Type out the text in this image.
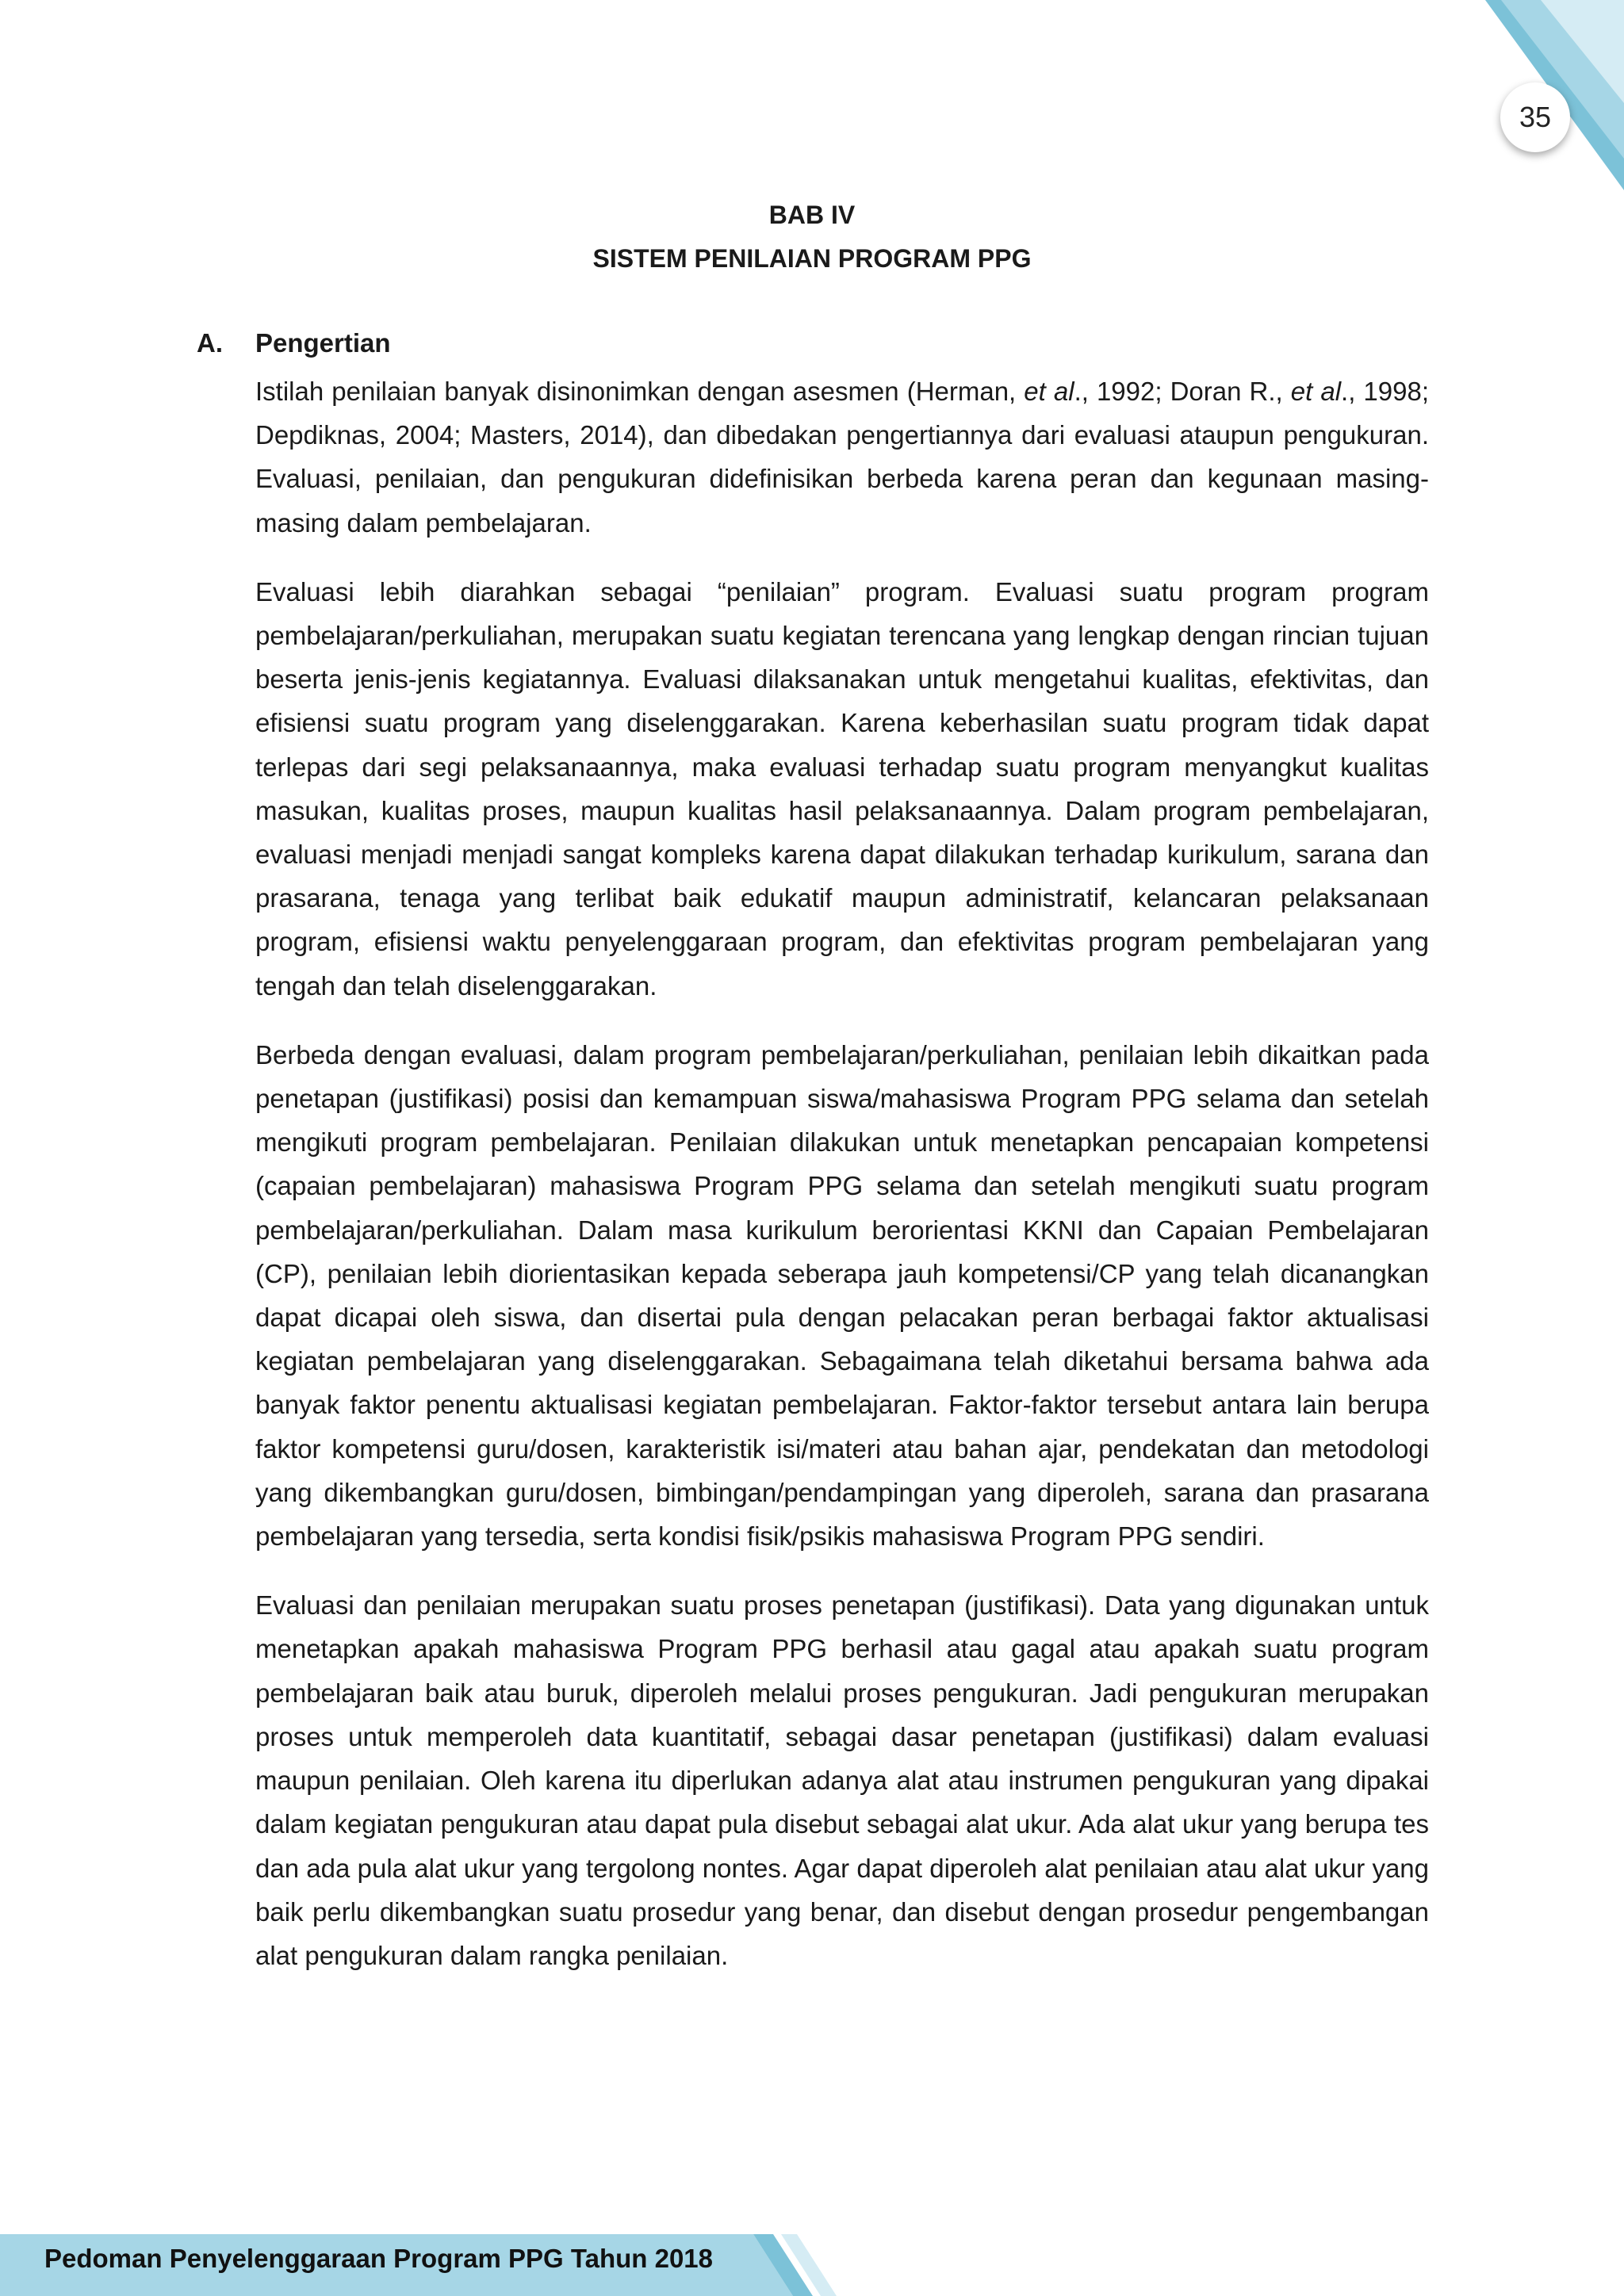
35
BAB IV
SISTEM PENILAIAN PROGRAM PPG
A. Pengertian

Istilah penilaian banyak disinonimkan dengan asesmen (Herman, et al., 1992; Doran R., et al., 1998; Depdiknas, 2004; Masters, 2014), dan dibedakan pengertiannya dari evaluasi ataupun pengukuran. Evaluasi, penilaian, dan pengukuran didefinisikan berbeda karena peran dan kegunaan masing-masing dalam pembelajaran.

Evaluasi lebih diarahkan sebagai “penilaian” program. Evaluasi suatu program program pembelajaran/perkuliahan, merupakan suatu kegiatan terencana yang lengkap dengan rincian tujuan beserta jenis-jenis kegiatannya. Evaluasi dilaksanakan untuk mengetahui kualitas, efektivitas, dan efisiensi suatu program yang diselenggarakan. Karena keberhasilan suatu program tidak dapat terlepas dari segi pelaksanaannya, maka evaluasi terhadap suatu program menyangkut kualitas masukan, kualitas proses, maupun kualitas hasil pelaksanaannya. Dalam program pembelajaran, evaluasi menjadi menjadi sangat kompleks karena dapat dilakukan terhadap kurikulum, sarana dan prasarana, tenaga yang terlibat baik edukatif maupun administratif, kelancaran pelaksanaan program, efisiensi waktu penyelenggaraan program, dan efektivitas program pembelajaran yang tengah dan telah diselenggarakan.

Berbeda dengan evaluasi, dalam program pembelajaran/perkuliahan, penilaian lebih dikaitkan pada penetapan (justifikasi) posisi dan kemampuan siswa/mahasiswa Program PPG selama dan setelah mengikuti program pembelajaran. Penilaian dilakukan untuk menetapkan pencapaian kompetensi (capaian pembelajaran) mahasiswa Program PPG selama dan setelah mengikuti suatu program pembelajaran/perkuliahan. Dalam masa kurikulum berorientasi KKNI dan Capaian Pembelajaran (CP), penilaian lebih diorientasikan kepada seberapa jauh kompetensi/CP yang telah dicanangkan dapat dicapai oleh siswa, dan disertai pula dengan pelacakan peran berbagai faktor aktualisasi kegiatan pembelajaran yang diselenggarakan. Sebagaimana telah diketahui bersama bahwa ada banyak faktor penentu aktualisasi kegiatan pembelajaran. Faktor-faktor tersebut antara lain berupa faktor kompetensi guru/dosen, karakteristik isi/materi atau bahan ajar, pendekatan dan metodologi yang dikembangkan guru/dosen, bimbingan/pendampingan yang diperoleh, sarana dan prasarana pembelajaran yang tersedia, serta kondisi fisik/psikis mahasiswa Program PPG sendiri.

Evaluasi dan penilaian merupakan suatu proses penetapan (justifikasi). Data yang digunakan untuk menetapkan apakah mahasiswa Program PPG berhasil atau gagal atau apakah suatu program pembelajaran baik atau buruk, diperoleh melalui proses pengukuran. Jadi pengukuran merupakan proses untuk memperoleh data kuantitatif, sebagai dasar penetapan (justifikasi) dalam evaluasi maupun penilaian. Oleh karena itu diperlukan adanya alat atau instrumen pengukuran yang dipakai dalam kegiatan pengukuran atau dapat pula disebut sebagai alat ukur. Ada alat ukur yang berupa tes dan ada pula alat ukur yang tergolong nontes. Agar dapat diperoleh alat penilaian atau alat ukur yang baik perlu dikembangkan suatu prosedur yang benar, dan disebut dengan prosedur pengembangan alat pengukuran dalam rangka penilaian.

Pedoman Penyelenggaraan Program PPG Tahun 2018
